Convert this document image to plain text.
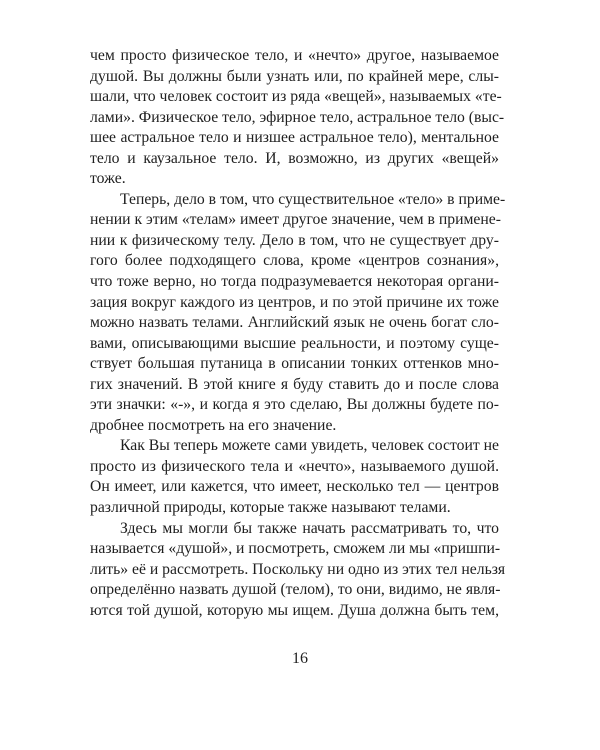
чем просто физическое тело, и «нечто» другое, называемое
душой. Вы должны были узнать или, по крайней мере, слы-
шали, что человек состоит из ряда «вещей», называемых «те-
лами». Физическое тело, эфирное тело, астральное тело (выс-
шее астральное тело и низшее астральное тело), ментальное
тело и каузальное тело. И, возможно, из других «вещей»
тоже.
Теперь, дело в том, что существительное «тело» в приме-
нении к этим «телам» имеет другое значение, чем в примене-
нии к физическому телу. Дело в том, что не существует дру-
гого более подходящего слова, кроме «центров сознания»,
что тоже верно, но тогда подразумевается некоторая органи-
зация вокруг каждого из центров, и по этой причине их тоже
можно назвать телами. Английский язык не очень богат сло-
вами, описывающими высшие реальности, и поэтому суще-
ствует большая путаница в описании тонких оттенков мно-
гих значений. В этой книге я буду ставить до и после слова
эти значки: «-», и когда я это сделаю, Вы должны будете по-
дробнее посмотреть на его значение.
Как Вы теперь можете сами увидеть, человек состоит не
просто из физического тела и «нечто», называемого душой.
Он имеет, или кажется, что имеет, несколько тел — центров
различной природы, которые также называют телами.
Здесь мы могли бы также начать рассматривать то, что
называется «душой», и посмотреть, сможем ли мы «пришпи-
лить» её и рассмотреть. Поскольку ни одно из этих тел нельзя
определённо назвать душой (телом), то они, видимо, не явля-
ются той душой, которую мы ищем. Душа должна быть тем,
16
